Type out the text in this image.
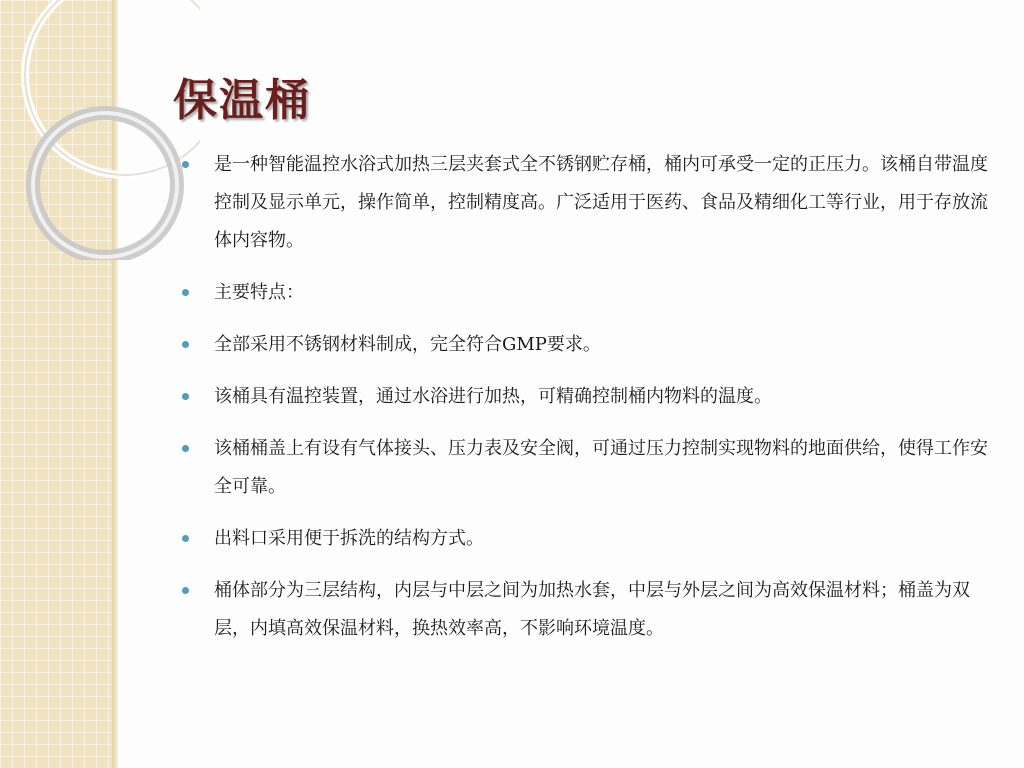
保温桶
是一种智能温控水浴式加热三层夹套式全不锈钢贮存桶，桶内可承受一定的正压力。该桶自带温度控制及显示单元，操作简单，控制精度高。广泛适用于医药、食品及精细化工等行业，用于存放流体内容物。
主要特点：
全部采用不锈钢材料制成，完全符合GMP要求。
该桶具有温控装置，通过水浴进行加热，可精确控制桶内物料的温度。
该桶桶盖上有设有气体接头、压力表及安全阀，可通过压力控制实现物料的地面供给，使得工作安全可靠。
出料口采用便于拆洗的结构方式。
桶体部分为三层结构，内层与中层之间为加热水套，中层与外层之间为高效保温材料；桶盖为双层，内填高效保温材料，换热效率高，不影响环境温度。
